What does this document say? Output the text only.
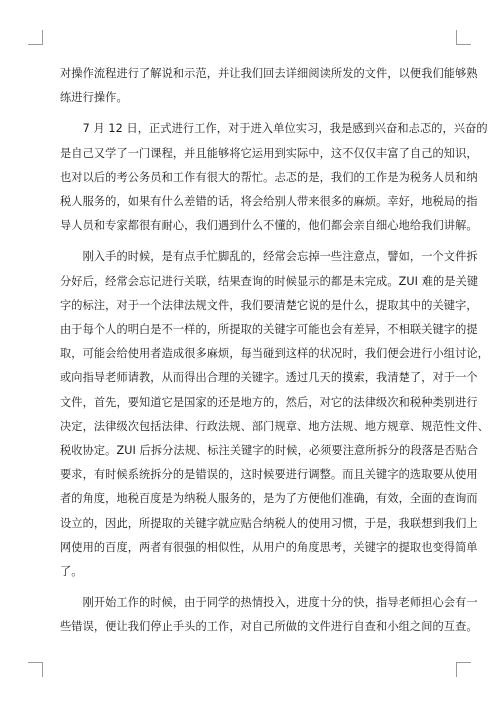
对操作流程进行了解说和示范，并让我们回去详细阅读所发的文件，以便我们能够熟
练进行操作。
　　7 月 12 日，正式进行工作，对于进入单位实习，我是感到兴奋和忐忑的，兴奋的
是自己又学了一门课程，并且能够将它运用到实际中，这不仅仅丰富了自己的知识，
也对以后的考公务员和工作有很大的帮忙。忐忑的是，我们的工作是为税务人员和纳
税人服务的，如果有什么差错的话，将会给别人带来很多的麻烦。幸好，地税局的指
导人员和专家都很有耐心，我们遇到什么不懂的，他们都会亲自细心地给我们讲解。
　　刚入手的时候，是有点手忙脚乱的，经常会忘掉一些注意点，譬如，一个文件拆
分好后，经常会忘记进行关联，结果查询的时候显示的都是未完成。ZUI 难的是关键
字的标注，对于一个法律法规文件，我们要清楚它说的是什么，提取其中的关键字，
由于每个人的明白是不一样的，所提取的关键字可能也会有差异，不相联关键字的提
取，可能会给使用者造成很多麻烦，每当碰到这样的状况时，我们便会进行小组讨论，
或向指导老师请教，从而得出合理的关键字。透过几天的摸索，我清楚了，对于一个
文件，首先，要知道它是国家的还是地方的，然后，对它的法律级次和税种类别进行
决定，法律级次包括法律、行政法规、部门规章、地方法规、地方规章、规范性文件、
税收协定。ZUI 后拆分法规、标注关键字的时候，必须要注意所拆分的段落是否贴合
要求，有时候系统拆分的是错误的，这时候要进行调整。而且关键字的选取要从使用
者的角度，地税百度是为纳税人服务的，是为了方便他们准确，有效，全面的查询而
设立的，因此，所提取的关键字就应贴合纳税人的使用习惯，于是，我联想到我们上
网使用的百度，两者有很强的相似性，从用户的角度思考，关键字的提取也变得简单
了。
　　刚开始工作的时候，由于同学的热情投入，进度十分的快，指导老师担心会有一
些错误，便让我们停止手头的工作，对自己所做的文件进行自查和小组之间的互查。
